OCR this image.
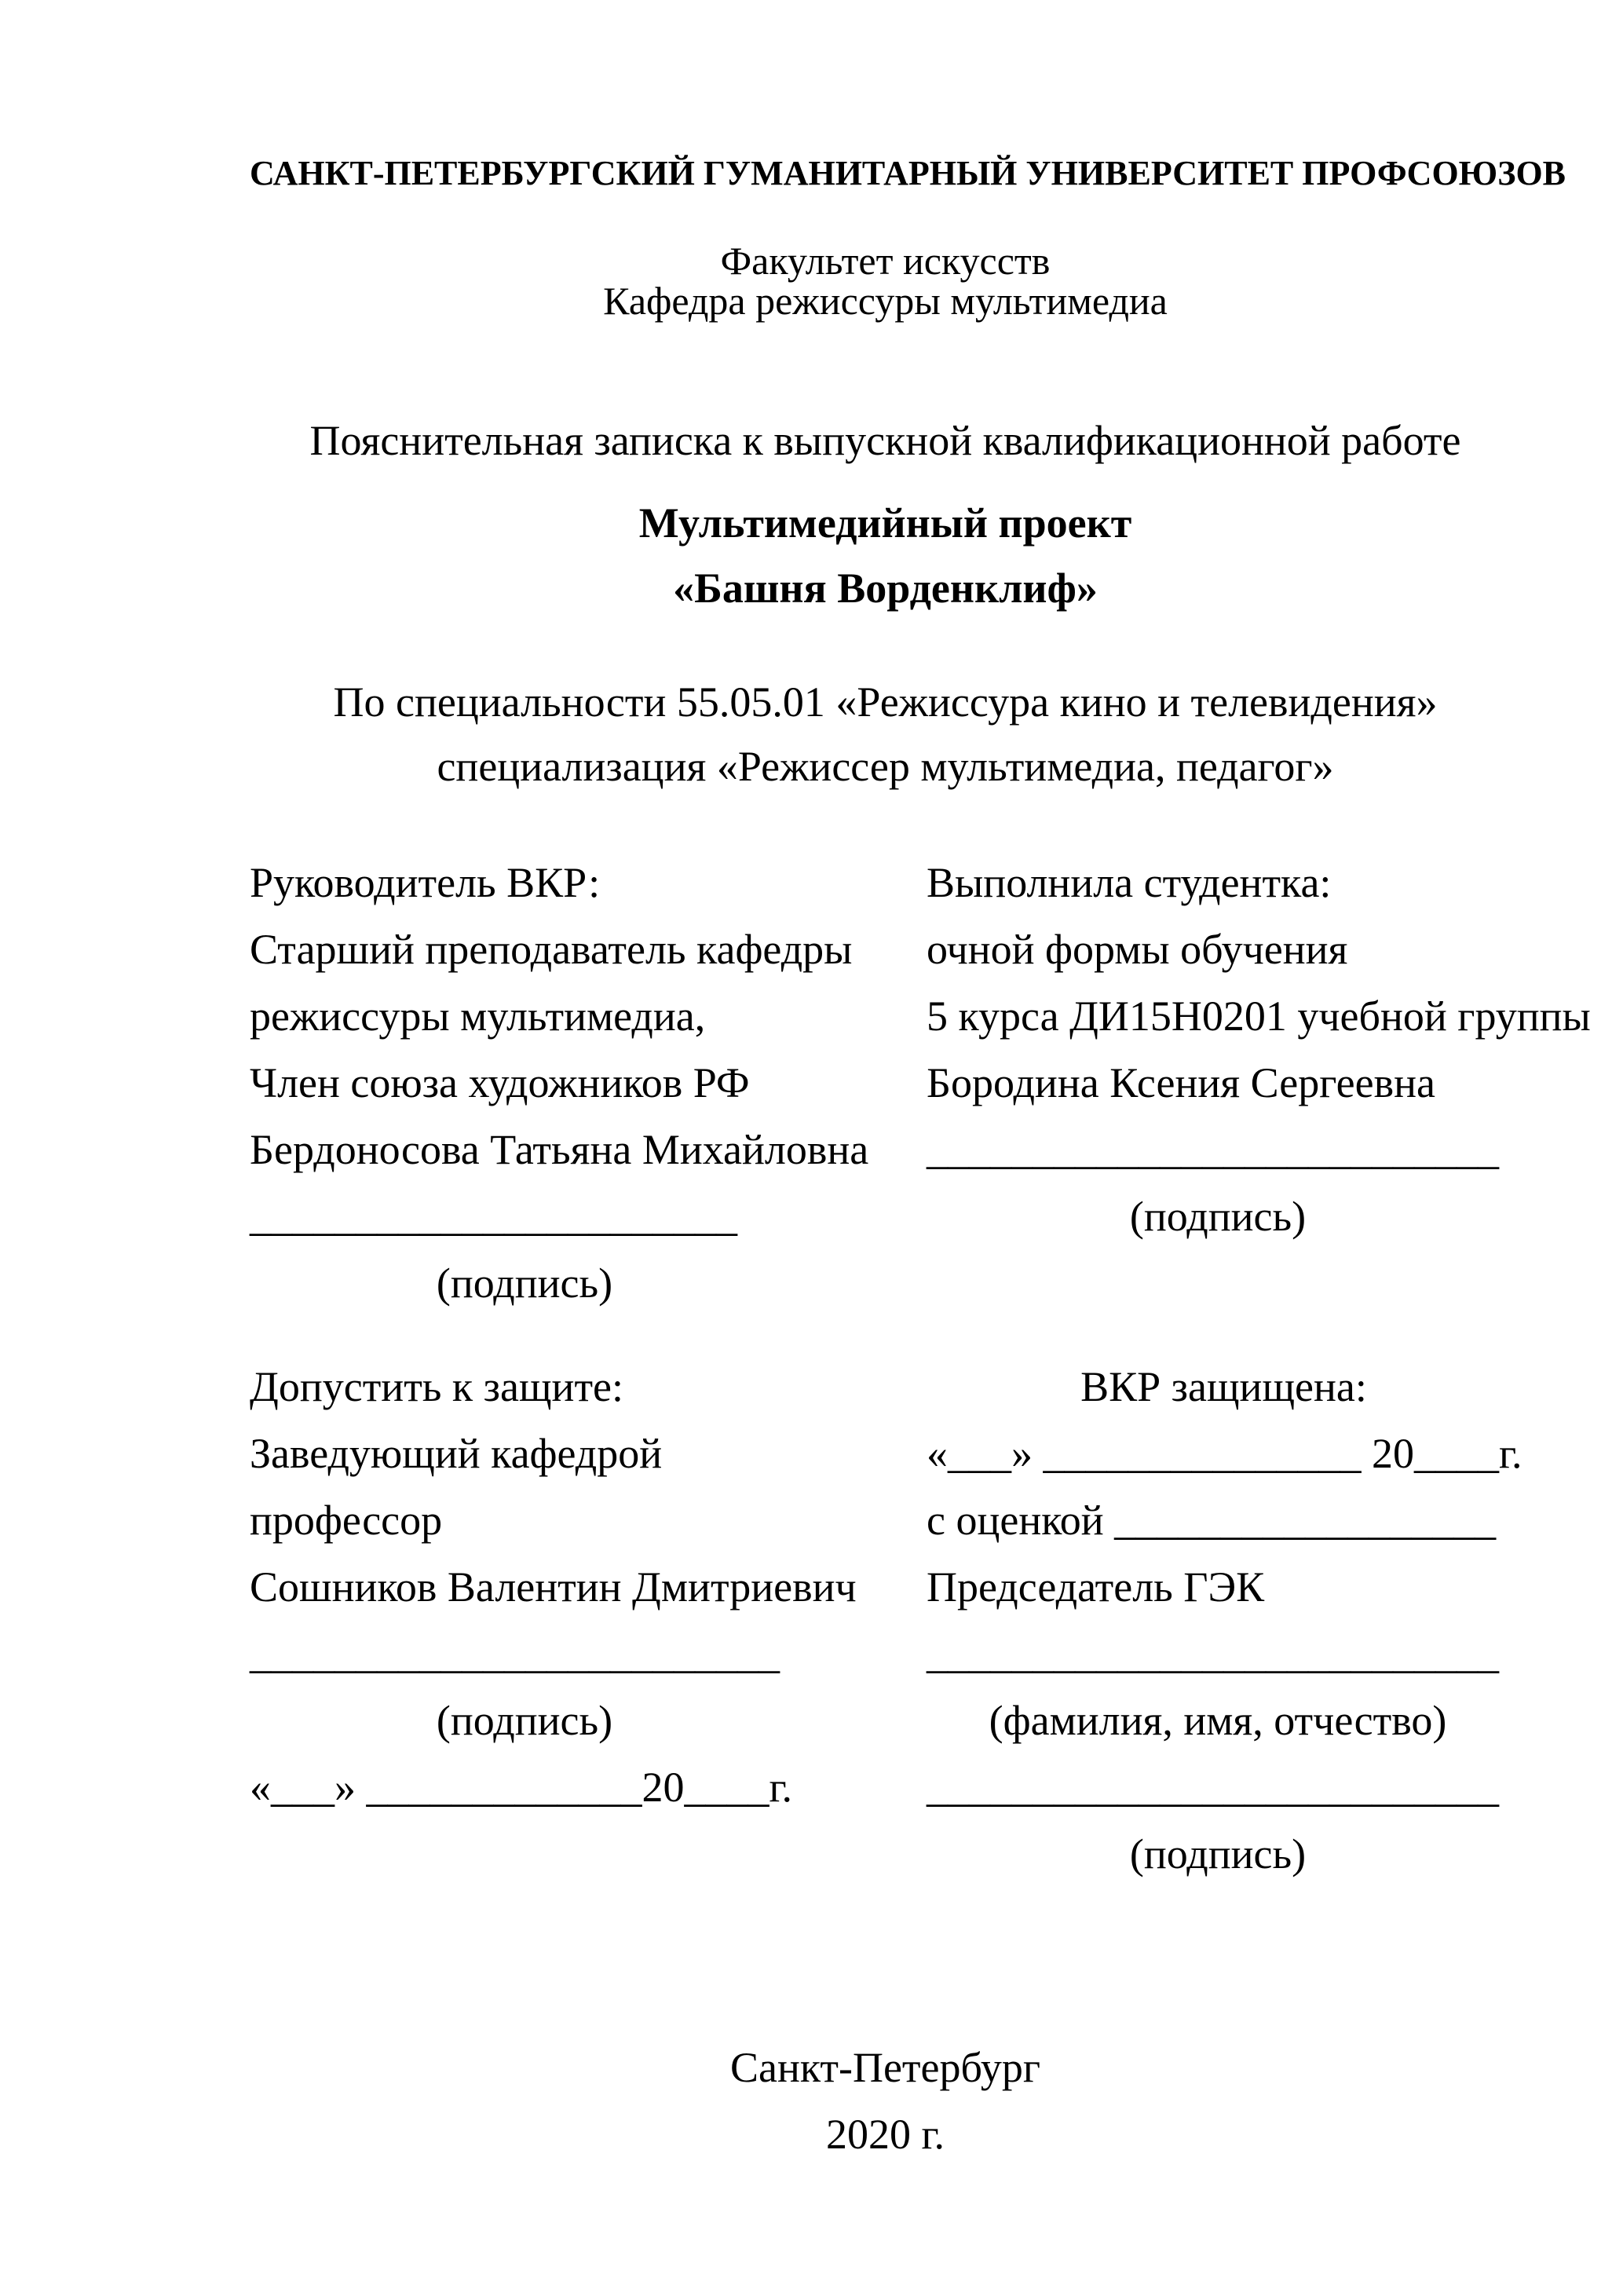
САНКТ-ПЕТЕРБУРГСКИЙ ГУМАНИТАРНЫЙ УНИВЕРСИТЕТ ПРОФСОЮЗОВ
Факультет искусств
Кафедра режиссуры мультимедиа
Пояснительная записка к выпускной квалификационной работе
Мультимедийный проект
«Башня Ворденклиф»
По специальности 55.05.01 «Режиссура кино и телевидения»
специализация «Режиссер мультимедиа, педагог»
Руководитель ВКР:
Старший преподаватель кафедры
режиссуры мультимедиа,
Член союза художников РФ
Бердоносова Татьяна Михайловна
_______________________
(подпись)
Выполнила студентка:
очной формы обучения
5 курса ДИ15Н0201 учебной группы
Бородина Ксения Сергеевна
___________________________
(подпись)
Допустить к защите:
Заведующий кафедрой
профессор
Сошников Валентин Дмитриевич
_________________________
(подпись)
«___» _____________20____г.
ВКР защищена:
«___» _______________ 20____г.
с оценкой __________________
Председатель ГЭК
___________________________
(фамилия, имя, отчество)
___________________________
(подпись)
Санкт-Петербург
2020 г.
